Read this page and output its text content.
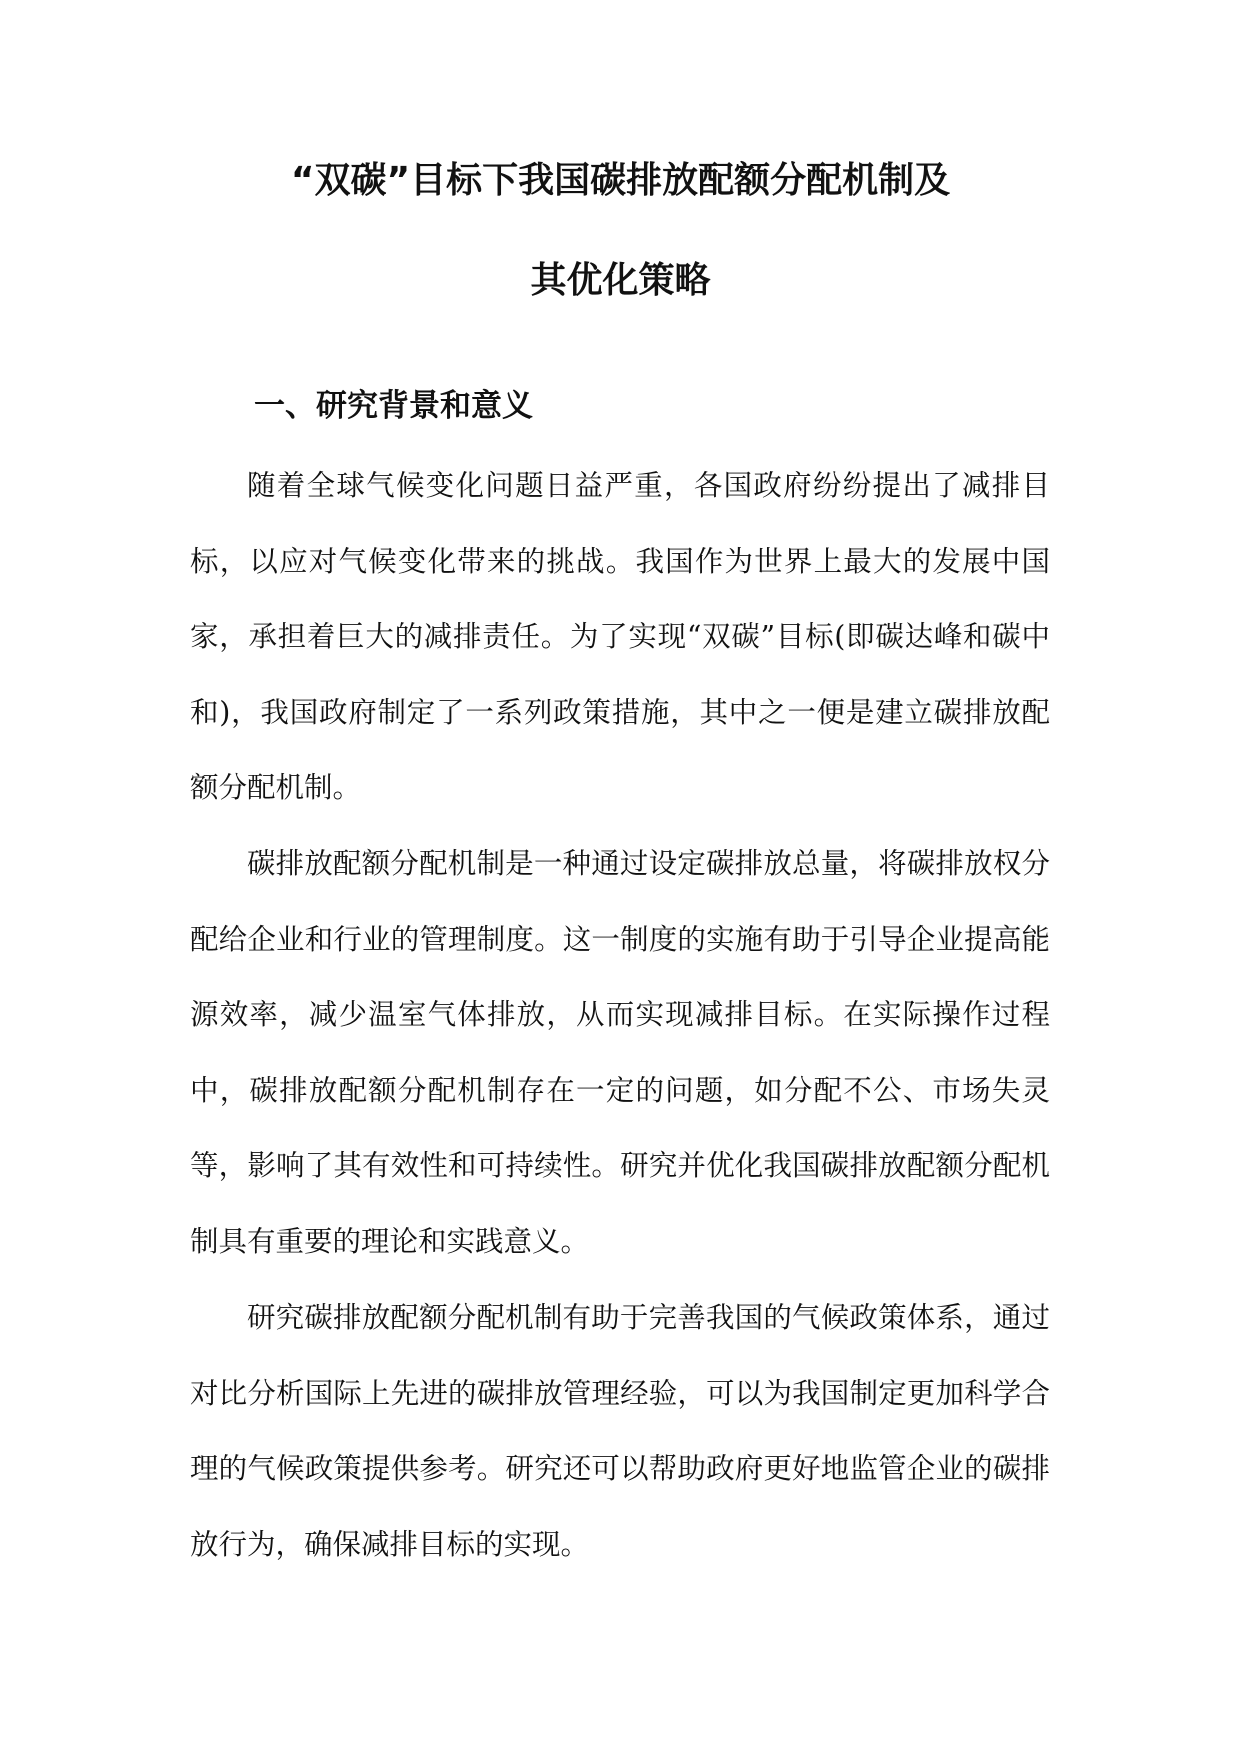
“双碳”目标下我国碳排放配额分配机制及
其优化策略
一、研究背景和意义

随着全球气候变化问题日益严重，各国政府纷纷提出了减排目标，以应对气候变化带来的挑战。我国作为世界上最大的发展中国家，承担着巨大的减排责任。为了实现“双碳”目标(即碳达峰和碳中和)，我国政府制定了一系列政策措施，其中之一便是建立碳排放配额分配机制。

碳排放配额分配机制是一种通过设定碳排放总量，将碳排放权分配给企业和行业的管理制度。这一制度的实施有助于引导企业提高能源效率，减少温室气体排放，从而实现减排目标。在实际操作过程中，碳排放配额分配机制存在一定的问题，如分配不公、市场失灵等，影响了其有效性和可持续性。研究并优化我国碳排放配额分配机制具有重要的理论和实践意义。

研究碳排放配额分配机制有助于完善我国的气候政策体系，通过对比分析国际上先进的碳排放管理经验，可以为我国制定更加科学合理的气候政策提供参考。研究还可以帮助政府更好地监管企业的碳排放行为，确保减排目标的实现。
